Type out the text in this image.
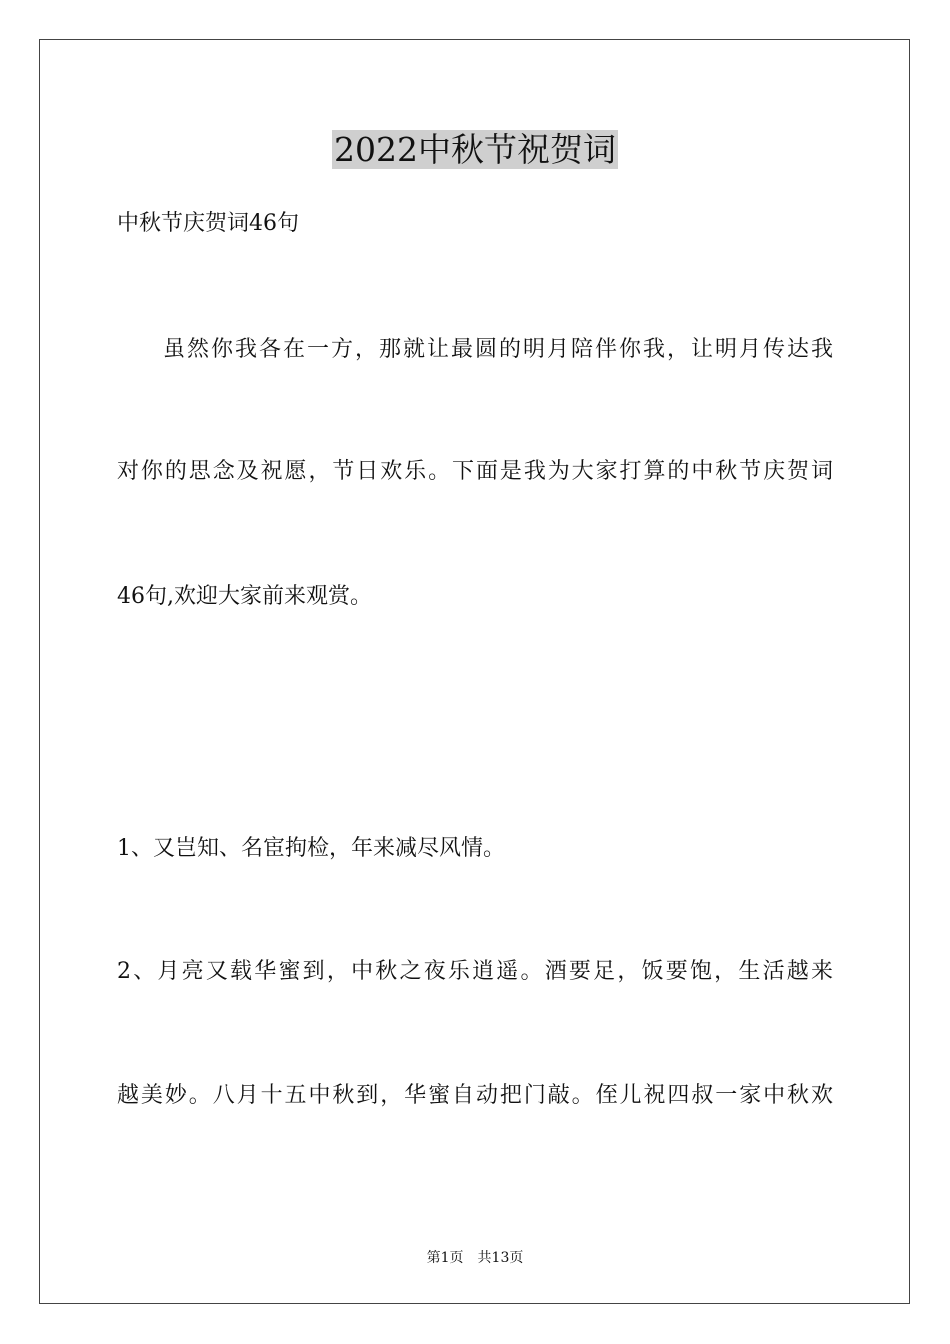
2022中秋节祝贺词
中秋节庆贺词46句
虽然你我各在一方，那就让最圆的明月陪伴你我，让明月传达我
对你的思念及祝愿，节日欢乐。下面是我为大家打算的中秋节庆贺词
46句,欢迎大家前来观赏。
1、又岂知、名宦拘检，年来减尽风情。
2、月亮又载华蜜到，中秋之夜乐逍遥。酒要足，饭要饱，生活越来
越美妙。八月十五中秋到，华蜜自动把门敲。侄儿祝四叔一家中秋欢
第1页 共13页
